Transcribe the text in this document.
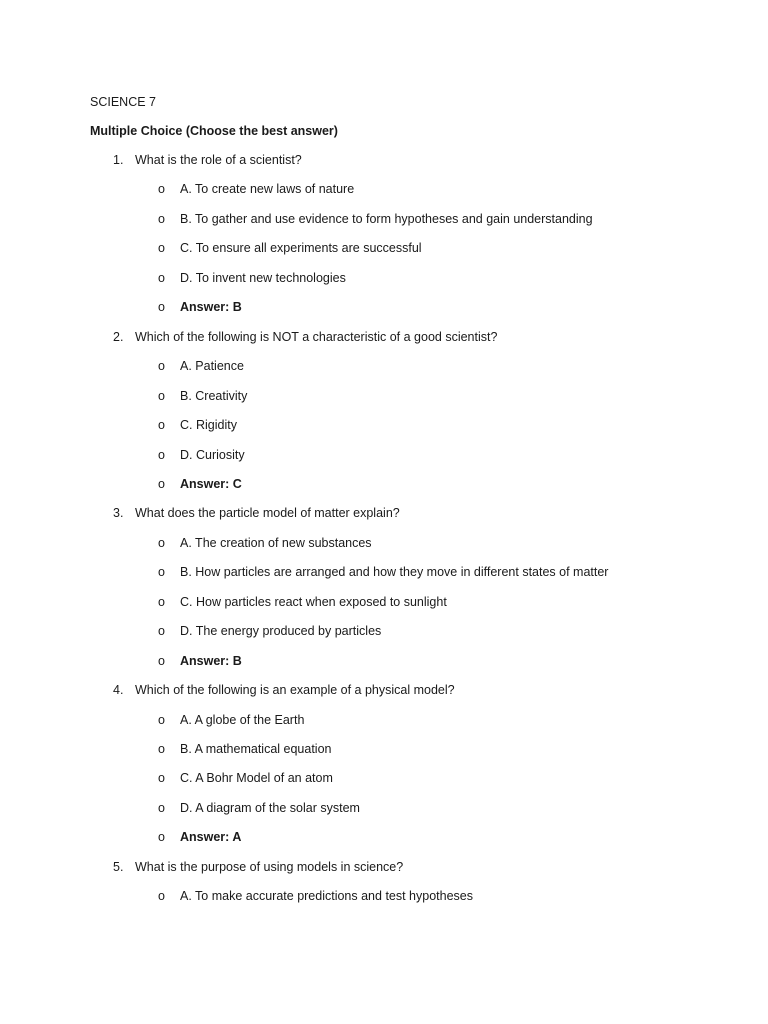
SCIENCE 7
Multiple Choice (Choose the best answer)
1. What is the role of a scientist?
o A. To create new laws of nature
o B. To gather and use evidence to form hypotheses and gain understanding
o C. To ensure all experiments are successful
o D. To invent new technologies
o Answer: B
2. Which of the following is NOT a characteristic of a good scientist?
o A. Patience
o B. Creativity
o C. Rigidity
o D. Curiosity
o Answer: C
3. What does the particle model of matter explain?
o A. The creation of new substances
o B. How particles are arranged and how they move in different states of matter
o C. How particles react when exposed to sunlight
o D. The energy produced by particles
o Answer: B
4. Which of the following is an example of a physical model?
o A. A globe of the Earth
o B. A mathematical equation
o C. A Bohr Model of an atom
o D. A diagram of the solar system
o Answer: A
5. What is the purpose of using models in science?
o A. To make accurate predictions and test hypotheses
